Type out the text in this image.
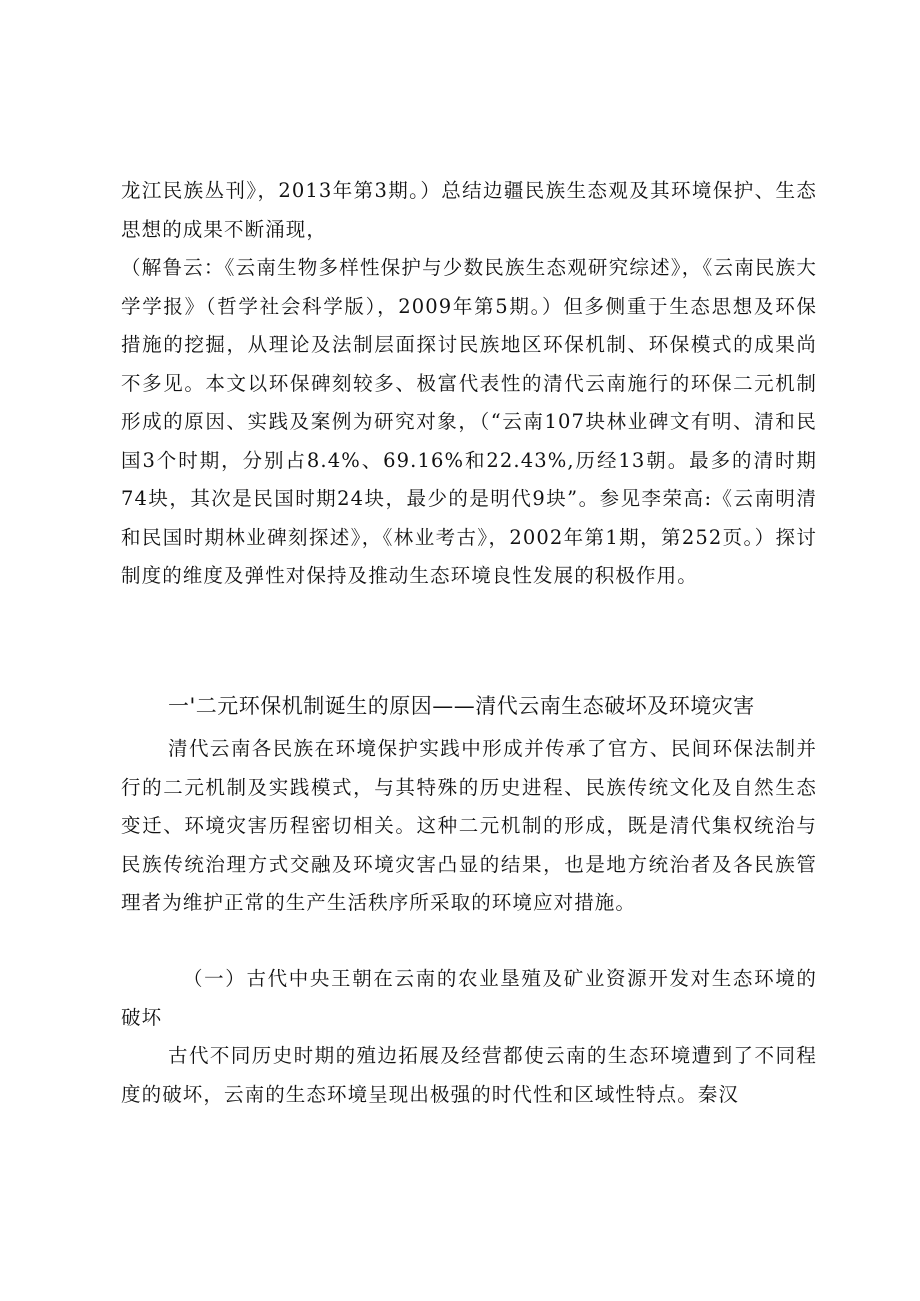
龙江民族丛刊》，2013年第3期。）总结边疆民族生态观及其环境保护、生态思想的成果不断涌现，

（解鲁云：《云南生物多样性保护与少数民族生态观研究综述》，《云南民族大学学报》（哲学社会科学版），2009年第5期。）但多侧重于生态思想及环保措施的挖掘，从理论及法制层面探讨民族地区环保机制、环保模式的成果尚不多见。本文以环保碑刻较多、极富代表性的清代云南施行的环保二元机制形成的原因、实践及案例为研究对象，（“云南107块林业碑文有明、清和民国3个时期，分别占8.4%、69.16%和22.43%,历经13朝。最多的清时期74块，其次是民国时期24块，最少的是明代9块”。参见李荣高:《云南明清和民国时期林业碑刻探述》，《林业考古》，2002年第1期，第252页。）探讨制度的维度及弹性对保持及推动生态环境良性发展的积极作用。

一'二元环保机制诞生的原因——清代云南生态破坏及环境灾害

清代云南各民族在环境保护实践中形成并传承了官方、民间环保法制并行的二元机制及实践模式，与其特殊的历史进程、民族传统文化及自然生态变迁、环境灾害历程密切相关。这种二元机制的形成，既是清代集权统治与民族传统治理方式交融及环境灾害凸显的结果，也是地方统治者及各民族管理者为维护正常的生产生活秩序所采取的环境应对措施。

（一）古代中央王朝在云南的农业垦殖及矿业资源开发对生态环境的破坏

古代不同历史时期的殖边拓展及经营都使云南的生态环境遭到了不同程度的破坏，云南的生态环境呈现出极强的时代性和区域性特点。秦汉
